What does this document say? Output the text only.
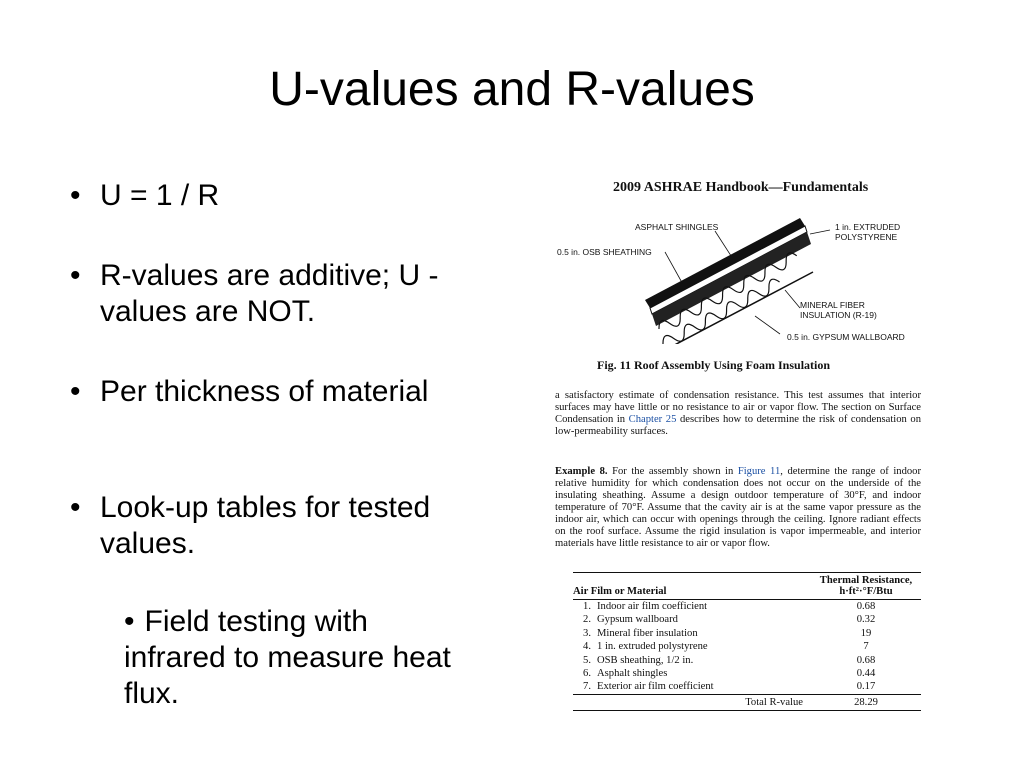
U-values and R-values
• U = 1 / R
• R-values are additive; U -values are NOT.
• Per thickness of material
• Look-up tables for tested values.
• Field testing with infrared to measure heat flux.
2009 ASHRAE Handbook—Fundamentals
ASPHALT SHINGLES
0.5 in. OSB SHEATHING
1 in. EXTRUDED
POLYSTYRENE
MINERAL FIBER
INSULATION (R-19)
0.5 in. GYPSUM WALLBOARD
Fig. 11 Roof Assembly Using Foam Insulation
a satisfactory estimate of condensation resistance. This test assumes that interior surfaces may have little or no resistance to air or vapor flow. The section on Surface Condensation in Chapter 25 describes how to determine the risk of condensation on low-permeability surfaces.
Example 8. For the assembly shown in Figure 11, determine the range of indoor relative humidity for which condensation does not occur on the underside of the insulating sheathing. Assume a design outdoor temperature of 30°F, and indoor temperature of 70°F. Assume that the cavity air is at the same vapor pressure as the indoor air, which can occur with openings through the ceiling. Ignore radiant effects on the roof surface. Assume the rigid insulation is vapor impermeable, and interior materials have little resistance to air or vapor flow.
Air Film or Material		Thermal Resistance,
h·ft²·°F/Btu
1.	Indoor air film coefficient	0.68
2.	Gypsum wallboard	0.32
3.	Mineral fiber insulation	19
4.	1 in. extruded polystyrene	7
5.	OSB sheathing, 1/2 in.	0.68
6.	Asphalt shingles	0.44
7.	Exterior air film coefficient	0.17
Total R-value		28.29
